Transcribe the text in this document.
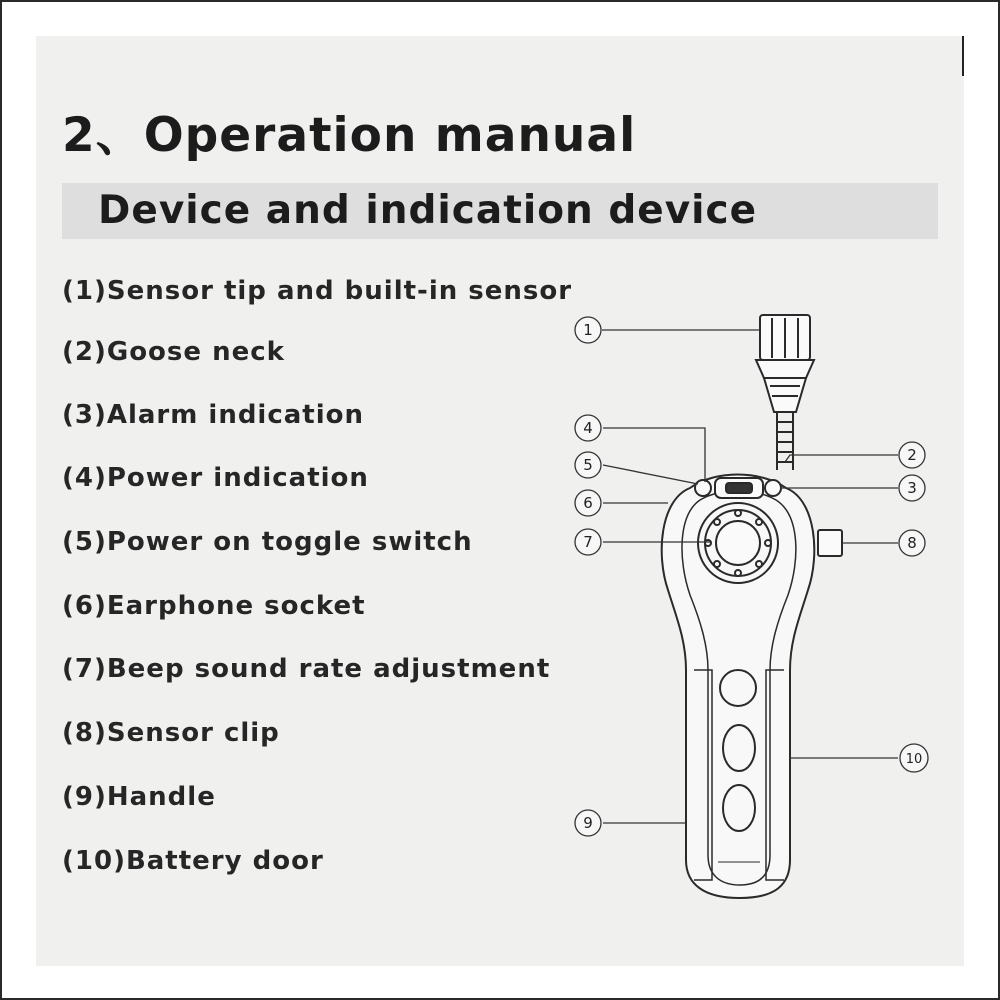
2、Operation manual
Device and indication device
(1)Sensor tip and built-in sensor
(2)Goose neck
(3)Alarm indication
(4)Power indication
(5)Power on toggle switch
(6)Earphone socket
(7)Beep sound rate adjustment
(8)Sensor clip
(9)Handle
(10)Battery door
1
2
3
4
5
6
7	8
9
10
